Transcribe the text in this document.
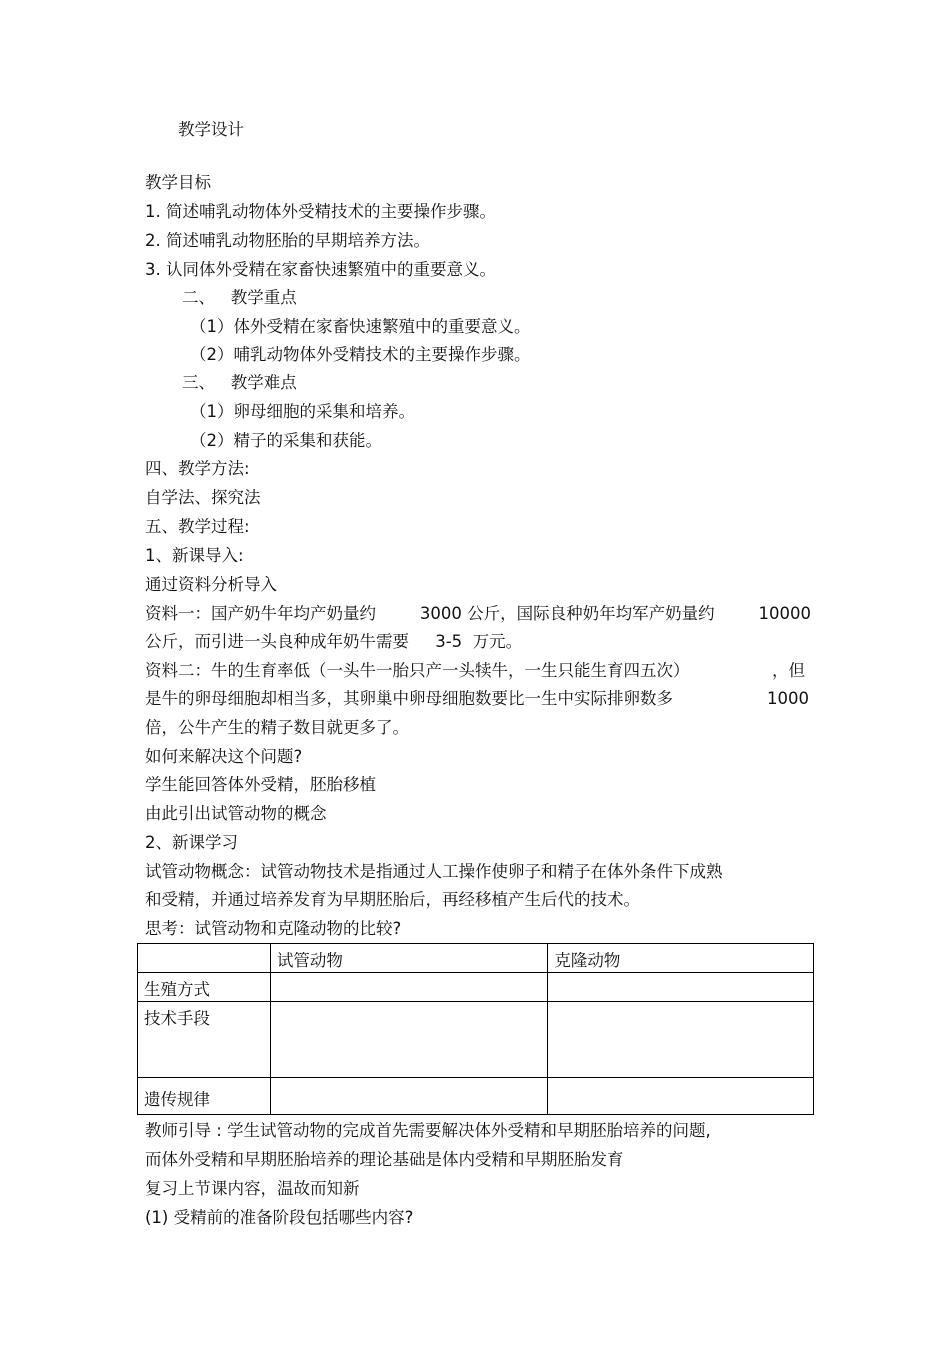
教学设计
教学目标
1. 简述哺乳动物体外受精技术的主要操作步骤。
2. 简述哺乳动物胚胎的早期培养方法。
3. 认同体外受精在家畜快速繁殖中的重要意义。
二、   教学重点
（1）体外受精在家畜快速繁殖中的重要意义。
（2）哺乳动物体外受精技术的主要操作步骤。
三、   教学难点
（1）卵母细胞的采集和培养。
（2）精子的采集和获能。
四、教学方法:
自学法、探究法
五、教学过程:
1、新课导入:
通过资料分析导入
资料一：国产奶牛年均产奶量约	3000 公斤，国际良种奶年均军产奶量约	10000
公斤，而引进一头良种成年奶牛需要     3-5  万元。
资料二：牛的生育率低（一头牛一胎只产一头犊牛，一生只能生育四五次）	，但
是牛的卵母细胞却相当多，其卵巢中卵母细胞数要比一生中实际排卵数多	1000
倍，公牛产生的精子数目就更多了。
如何来解决这个问题?
学生能回答体外受精，胚胎移植
由此引出试管动物的概念
2、新课学习
试管动物概念：试管动物技术是指通过人工操作使卵子和精子在体外条件下成熟
和受精，并通过培养发育为早期胚胎后，再经移植产生后代的技术。
思考：试管动物和克隆动物的比较?
	试管动物	克隆动物
生殖方式		
技术手段		
遗传规律		
教师引导 : 学生试管动物的完成首先需要解决体外受精和早期胚胎培养的问题,
而体外受精和早期胚胎培养的理论基础是体内受精和早期胚胎发育
复习上节课内容，温故而知新
(1) 受精前的准备阶段包括哪些内容?
